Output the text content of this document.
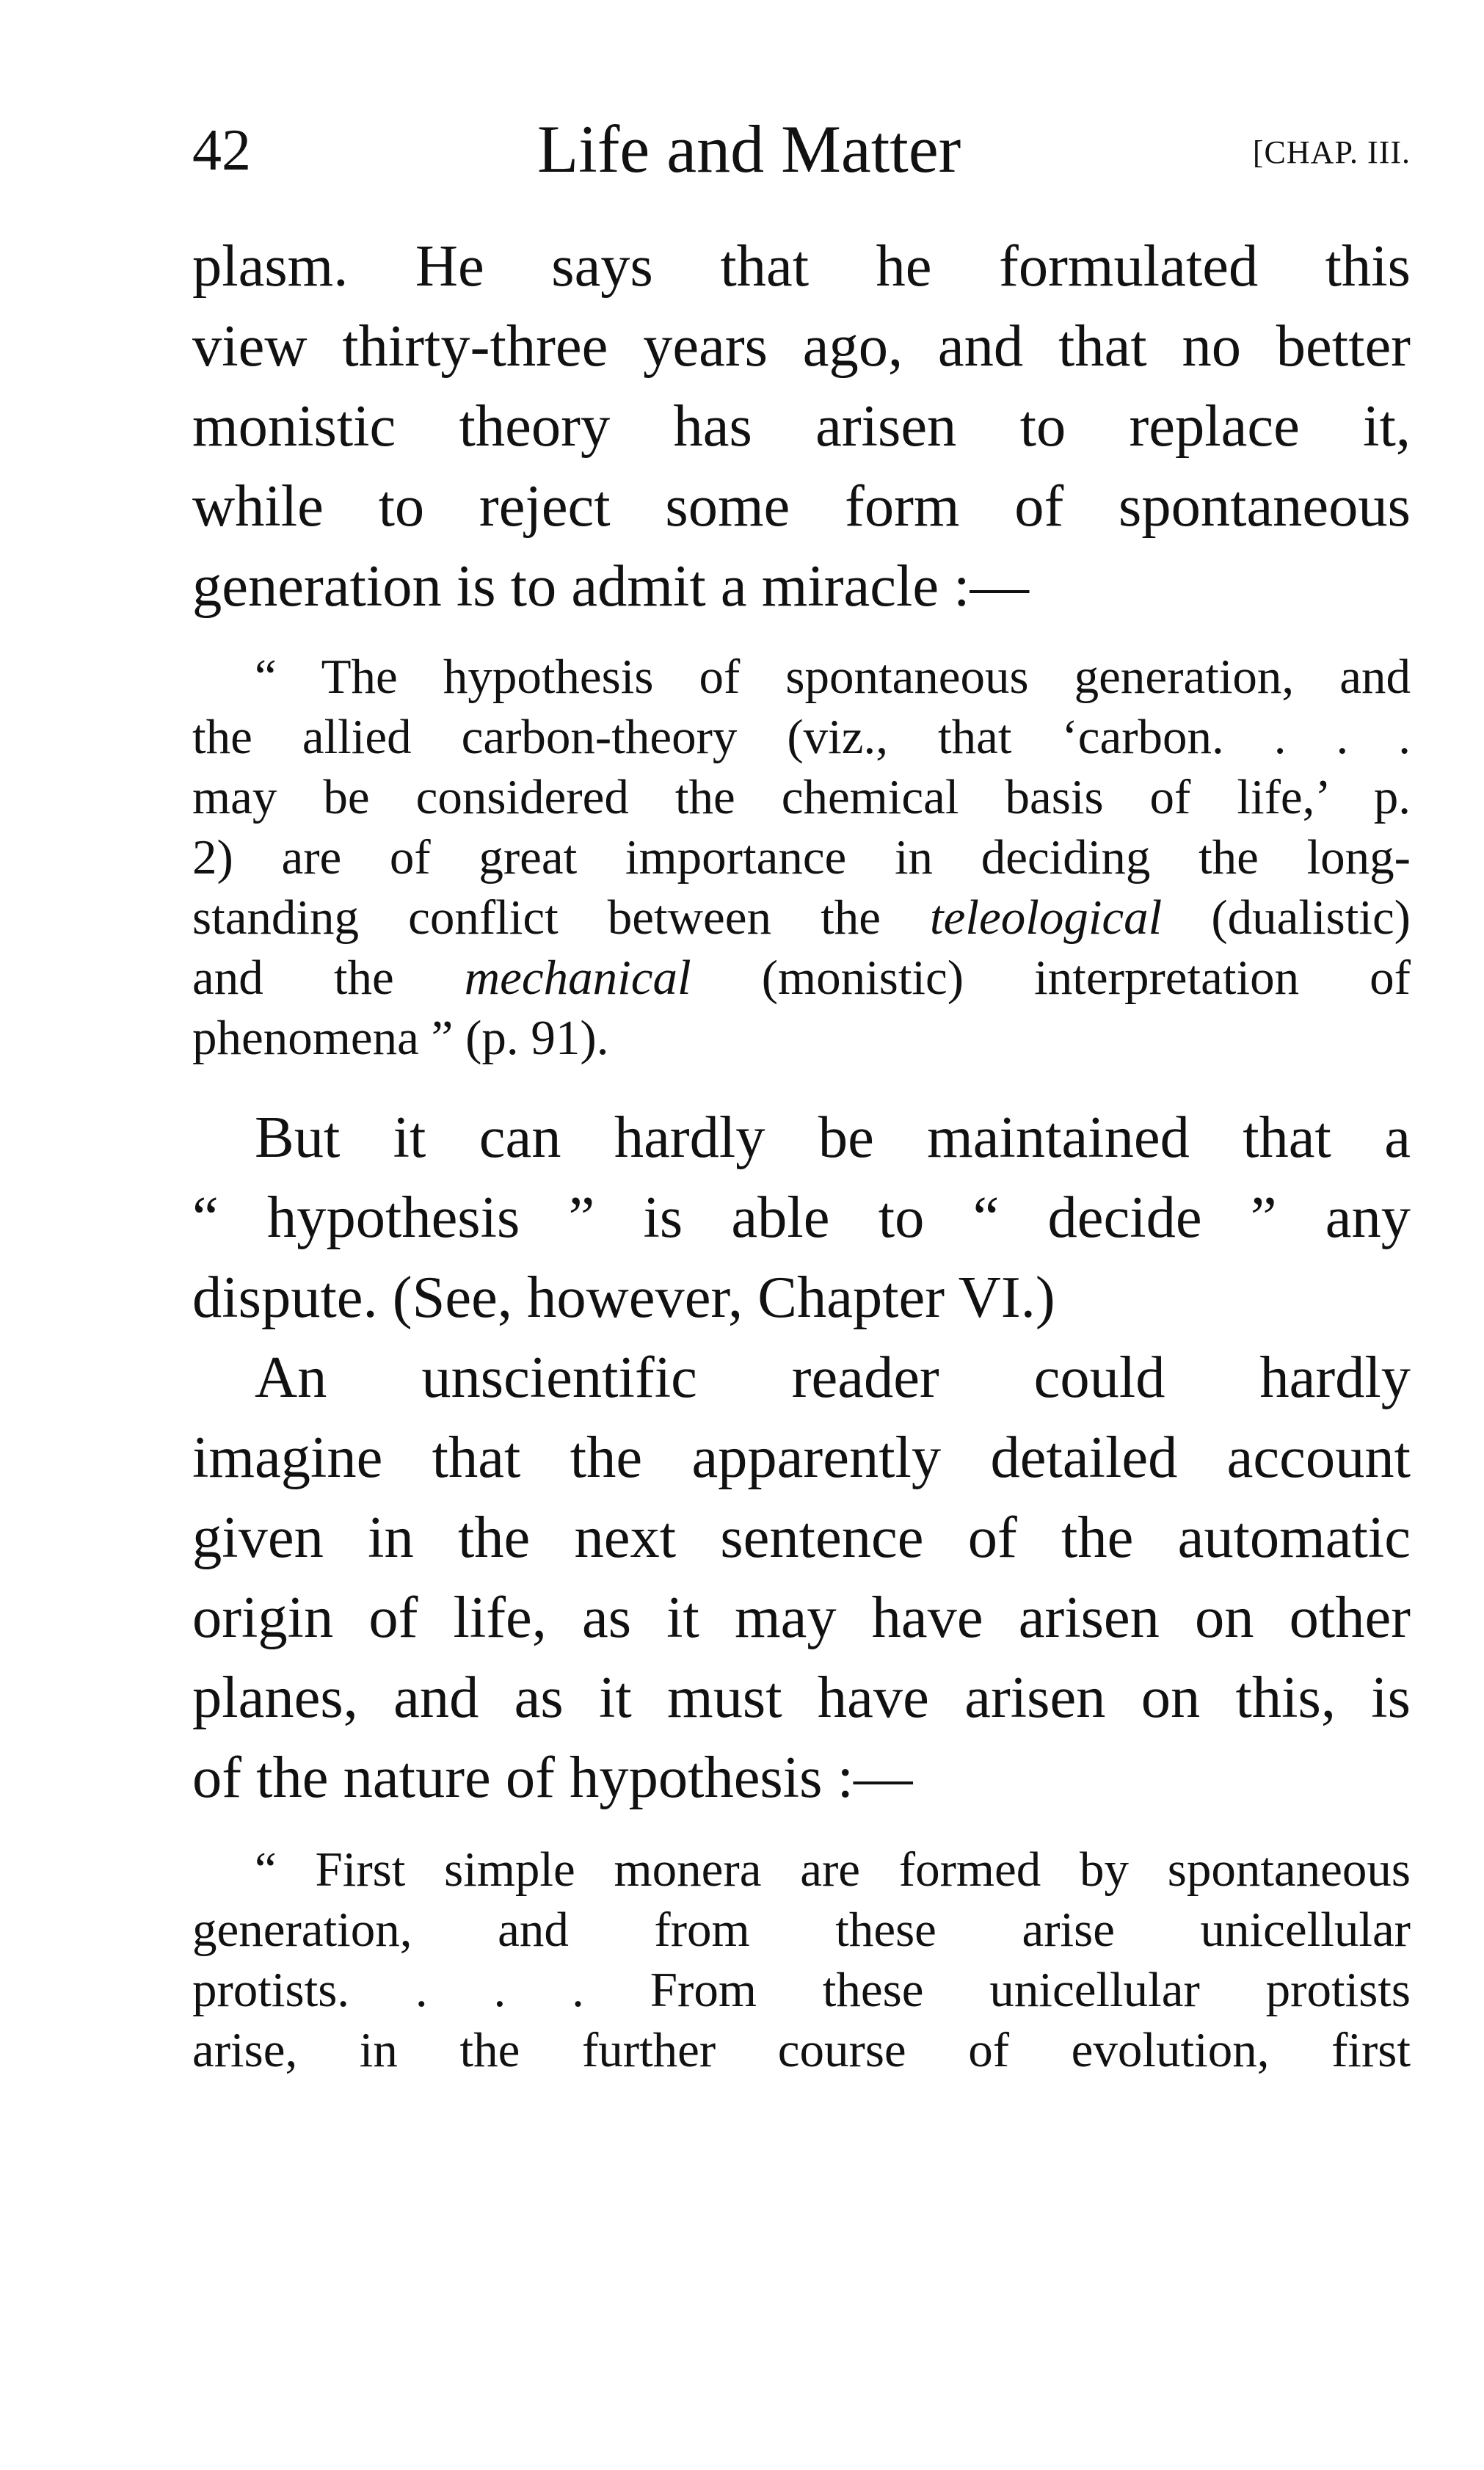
42	Life and Matter	[CHAP. III.
plasm. He says that he formulated this
view thirty-three years ago, and that no better
monistic theory has arisen to replace it,
while to reject some form of spontaneous
generation is to admit a miracle :—
“ The hypothesis of spontaneous generation, and
the allied carbon-theory (viz., that ‘carbon. . . .
may be considered the chemical basis of life,’ p.
2) are of great importance in deciding the long-
standing conflict between the teleological (dualistic)
and the mechanical (monistic) interpretation of
phenomena ” (p. 91).
But it can hardly be maintained that a
“ hypothesis ” is able to “ decide ” any
dispute. (See, however, Chapter VI.)
An unscientific reader could hardly
imagine that the apparently detailed account
given in the next sentence of the automatic
origin of life, as it may have arisen on other
planes, and as it must have arisen on this, is
of the nature of hypothesis :—
“ First simple monera are formed by spontaneous
generation, and from these arise unicellular
protists. . . . From these unicellular protists
arise, in the further course of evolution, first
